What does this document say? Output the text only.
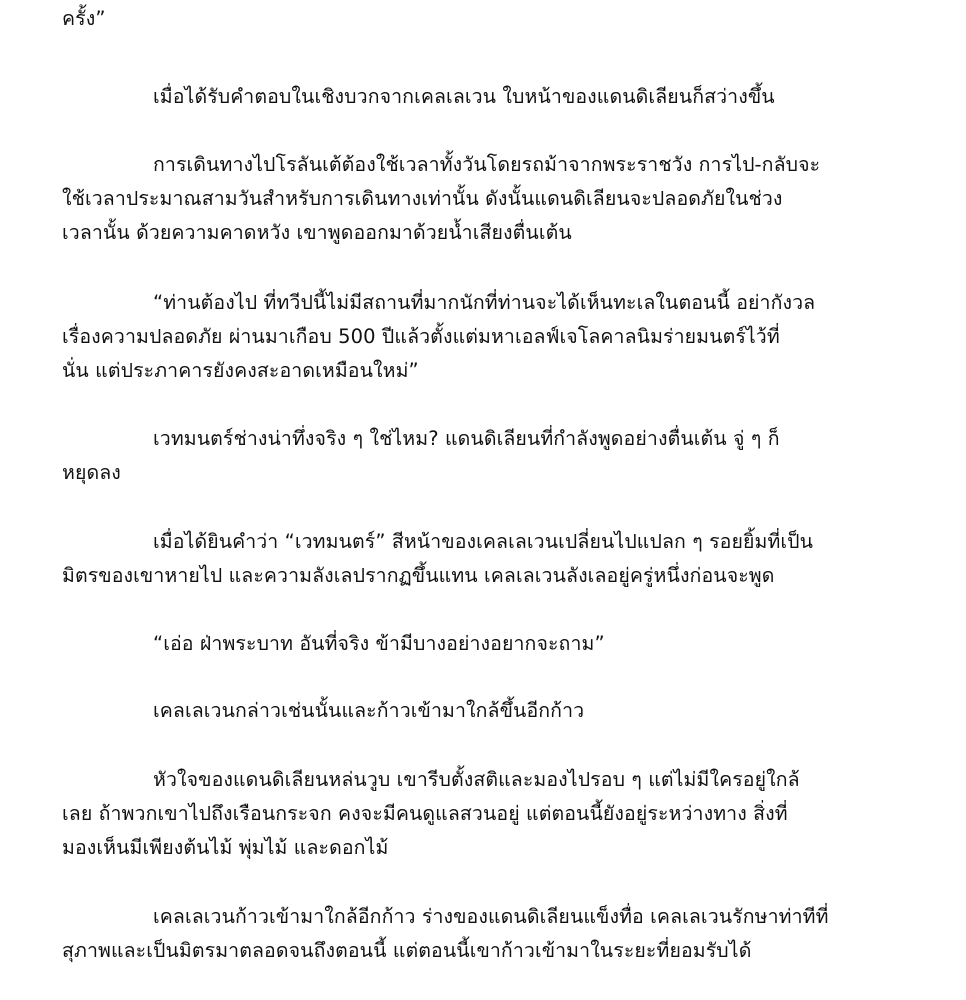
ครั้ง”
เมื่อได้รับคำตอบในเชิงบวกจากเคลเลเวน ใบหน้าของแดนดิเลียนก็สว่างขึ้น
การเดินทางไปโรลันเต้ต้องใช้เวลาทั้งวันโดยรถม้าจากพระราชวัง การไป-กลับจะ
ใช้เวลาประมาณสามวันสำหรับการเดินทางเท่านั้น ดังนั้นแดนดิเลียนจะปลอดภัยในช่วง
เวลานั้น ด้วยความคาดหวัง เขาพูดออกมาด้วยน้ำเสียงตื่นเต้น
“ท่านต้องไป ที่ทวีปนี้ไม่มีสถานที่มากนักที่ท่านจะได้เห็นทะเลในตอนนี้ อย่ากังวล
เรื่องความปลอดภัย ผ่านมาเกือบ 500 ปีแล้วตั้งแต่มหาเอลฟ์เจโลคาลนิมร่ายมนตร์ไว้ที่
นั่น แต่ประภาคารยังคงสะอาดเหมือนใหม่”
เวทมนตร์ช่างน่าทึ่งจริง ๆ ใช่ไหม? แดนดิเลียนที่กำลังพูดอย่างตื่นเต้น จู่ ๆ ก็
หยุดลง
เมื่อได้ยินคำว่า “เวทมนตร์” สีหน้าของเคลเลเวนเปลี่ยนไปแปลก ๆ รอยยิ้มที่เป็น
มิตรของเขาหายไป และความลังเลปรากฏขึ้นแทน เคลเลเวนลังเลอยู่ครู่หนึ่งก่อนจะพูด
“เอ่อ ฝ่าพระบาท อันที่จริง ข้ามีบางอย่างอยากจะถาม”
เคลเลเวนกล่าวเช่นนั้นและก้าวเข้ามาใกล้ขึ้นอีกก้าว
หัวใจของแดนดิเลียนหล่นวูบ เขารีบตั้งสติและมองไปรอบ ๆ แต่ไม่มีใครอยู่ใกล้
เลย ถ้าพวกเขาไปถึงเรือนกระจก คงจะมีคนดูแลสวนอยู่ แต่ตอนนี้ยังอยู่ระหว่างทาง สิ่งที่
มองเห็นมีเพียงต้นไม้ พุ่มไม้ และดอกไม้
เคลเลเวนก้าวเข้ามาใกล้อีกก้าว ร่างของแดนดิเลียนแข็งทื่อ เคลเลเวนรักษาท่าทีที่
สุภาพและเป็นมิตรมาตลอดจนถึงตอนนี้ แต่ตอนนี้เขาก้าวเข้ามาในระยะที่ยอมรับได้
